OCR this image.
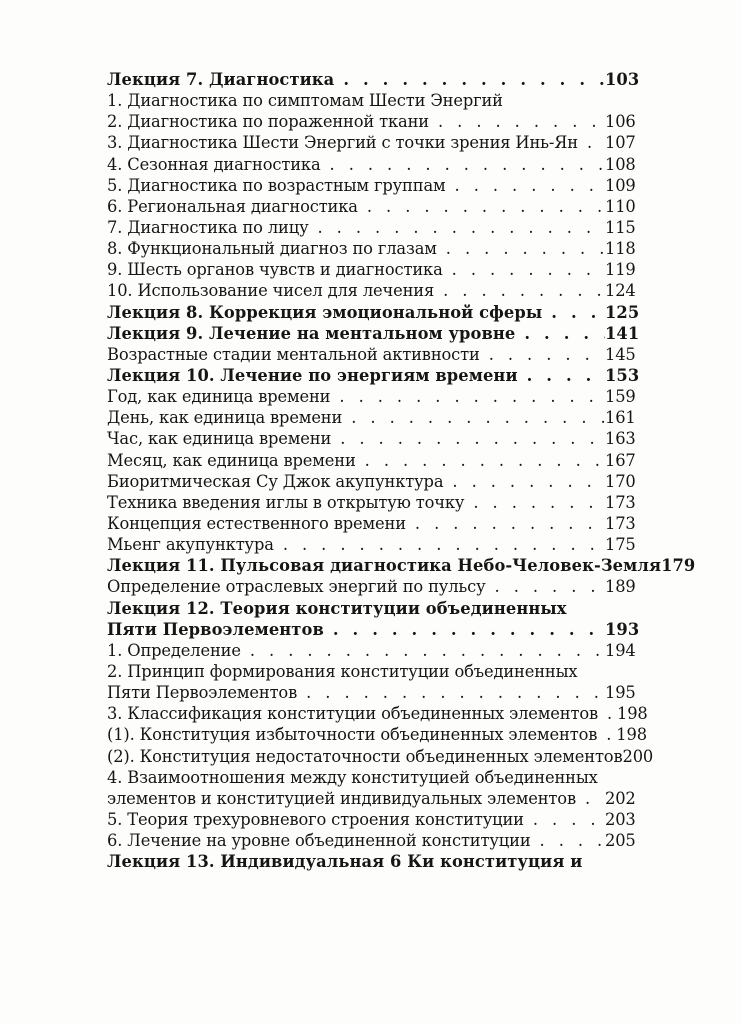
Лекция 7. Диагностика .....	103
1. Диагностика по симптомам Шести Энергий
2. Диагностика по пораженной ткани .....	106
3. Диагностика Шести Энергий с точки зрения Инь-Ян ..... 107
4. Сезонная диагностика .....	108
5. Диагностика по возрастным группам .....	109
6. Региональная диагностика .....	110
7. Диагностика по лицу .....	115
8. Функциональный диагноз по глазам .....	118
9. Шесть органов чувств и диагностика .....	119
10. Использование чисел для лечения .....	124
Лекция 8. Коррекция эмоциональной сферы .....	125
Лекция 9. Лечение на ментальном уровне .....	141
Возрастные стадии ментальной активности .....	145
Лекция 10. Лечение по энергиям времени .....	153
Год, как единица времени .....	159
День, как единица времени .....	161
Час, как единица времени .....	163
Месяц, как единица времени .....	167
Биоритмическая Су Джок акупунктура .....	170
Техника введения иглы в открытую точку .....	173
Концепция естественного времени .....	173
Мьенг акупунктура .....	175
Лекция 11. Пульсовая диагностика Небо-Человек-Земля 179
Определение отраслевых энергий по пульсу .....	189
Лекция 12. Теория конституции объединенных
Пяти Первоэлементов .....	193
1. Определение .....	194
2. Принцип формирования конституции объединенных
Пяти Первоэлементов .....	195
3. Классификация конституции объединенных элементов ..... 198
(1). Конституция избыточности объединенных элементов ..... 198
(2). Конституция недостаточности объединенных элементов 200
4. Взаимоотношения между конституцией объединенных
элементов и конституцией индивидуальных элементов ..... 202
5. Теория трехуровневого строения конституции .....	203
6. Лечение на уровне объединенной конституции .....	205
Лекция 13. Индивидуальная 6 Ки конституция и
